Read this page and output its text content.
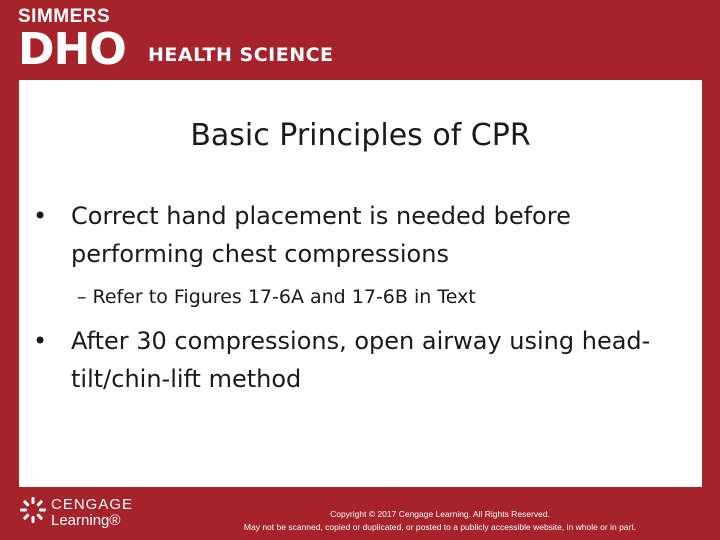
SIMMERS
DHO HEALTH SCIENCE
Basic Principles of CPR
• Correct hand placement is needed before performing chest compressions
– Refer to Figures 17-6A and 17-6B in Text
• After 30 compressions, open airway using head-tilt/chin-lift method
CENGAGE
Learning®	Copyright © 2017 Cengage Learning. All Rights Reserved.
May not be scanned, copied or duplicated, or posted to a publicly accessible website, in whole or in part.
